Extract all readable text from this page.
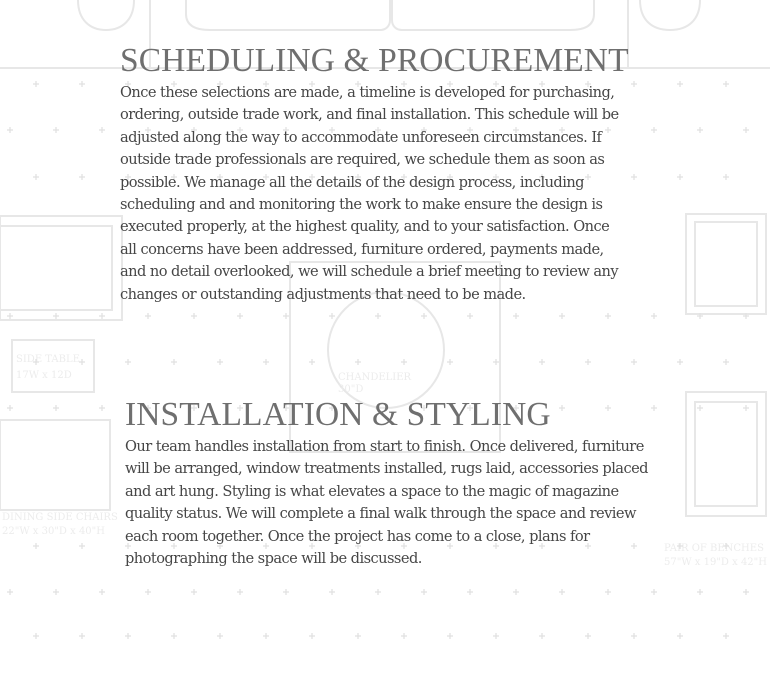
SIDE TABLE
17W x 12D	CHANDELIER
30"D
PAIR OF BENCHES
57"W x 19"D x 42"H
DINING SIDE CHAIRS
22"W x 30"D x 40"H
SCHEDULING & PROCUREMENT

Once these selections are made, a timeline is developed for purchasing,
ordering, outside trade work, and final installation. This schedule will be
adjusted along the way to accommodate unforeseen circumstances. If
outside trade professionals are required, we schedule them as soon as
possible. We manage all the details of the design process, including
scheduling and and monitoring the work to make ensure the design is
executed properly, at the highest quality, and to your satisfaction. Once
all concerns have been addressed, furniture ordered, payments made,
and no detail overlooked, we will schedule a brief meeting to review any
changes or outstanding adjustments that need to be made.

INSTALLATION & STYLING

Our team handles installation from start to finish. Once delivered, furniture
will be arranged, window treatments installed, rugs laid, accessories placed
and art hung. Styling is what elevates a space to the magic of magazine
quality status. We will complete a final walk through the space and review
each room together. Once the project has come to a close, plans for
photographing the space will be discussed.
